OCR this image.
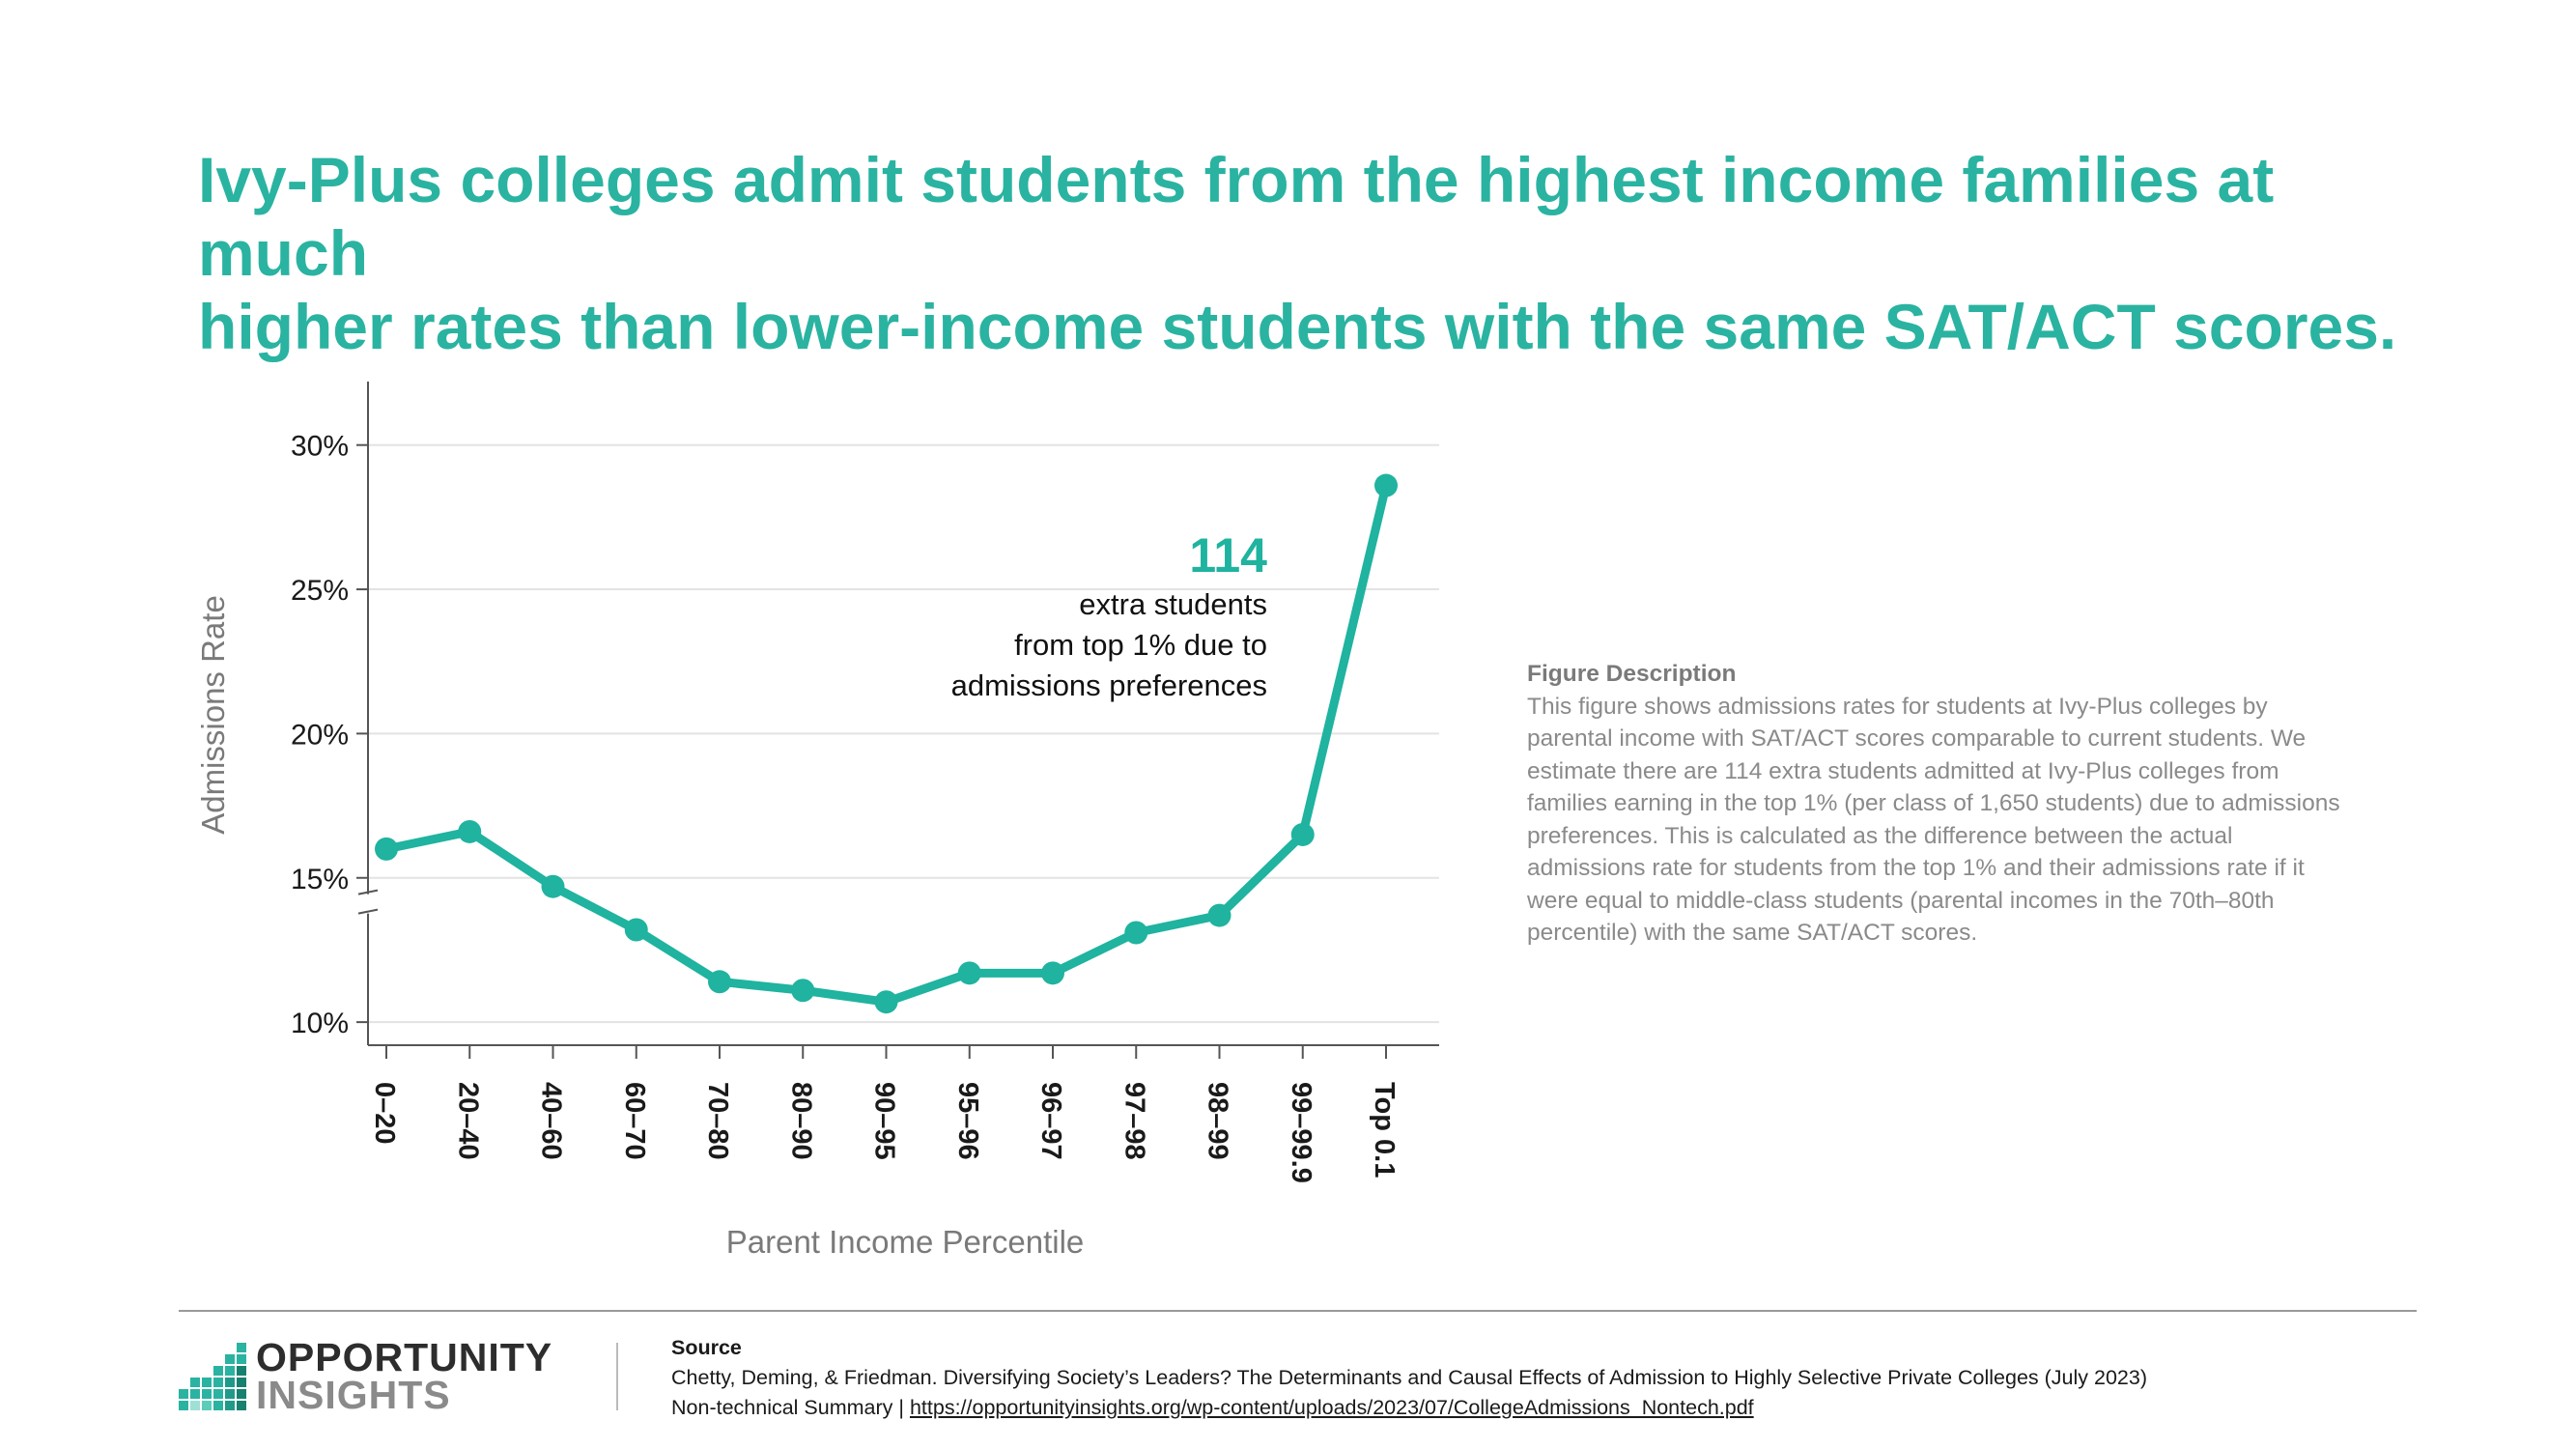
Ivy-Plus colleges admit students from the highest income families at much
higher rates than lower-income students with the same SAT/ACT scores.
10%
15%
20%
25%
30%
0–20 20–40 40–60 60–70 70–80 80–90 90–95 95–96 96–97 97–98 98–99 99–99.9 Top 0.1
Admissions Rate
Parent Income Percentile
114
extra students
from top 1% due to
admissions preferences	Figure Description
This figure shows admissions rates for students at Ivy-Plus colleges by
parental income with SAT/ACT scores comparable to current students. We
estimate there are 114 extra students admitted at Ivy-Plus colleges from
families earning in the top 1% (per class of 1,650 students) due to admissions
preferences. This is calculated as the difference between the actual
admissions rate for students from the top 1% and their admissions rate if it
were equal to middle-class students (parental incomes in the 70th–80th
percentile) with the same SAT/ACT scores.
OPPORTUNITY
INSIGHTS
Source
Chetty, Deming, & Friedman. Diversifying Society’s Leaders? The Determinants and Causal Effects of Admission to Highly Selective Private Colleges (July 2023)
Non-technical Summary | https://opportunityinsights.org/wp-content/uploads/2023/07/CollegeAdmissions_Nontech.pdf
